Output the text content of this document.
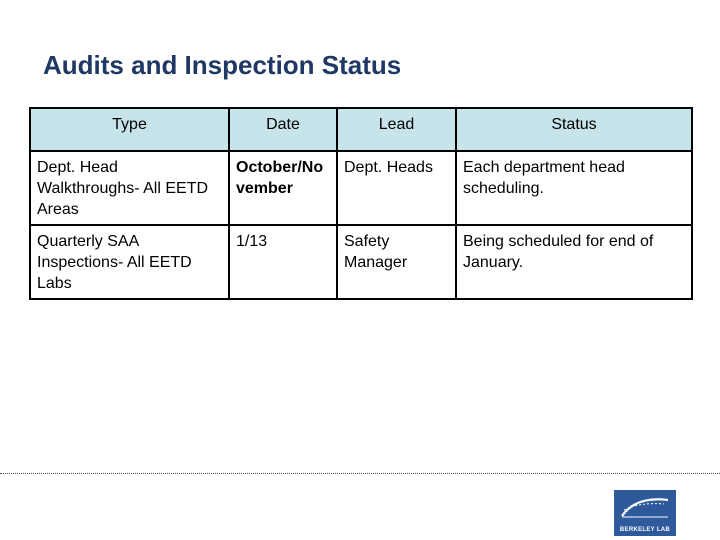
Audits and Inspection Status
Type	Date	Lead	Status
Dept. Head Walkthroughs- All EETD Areas	October/November	Dept. Heads	Each department head scheduling.
Quarterly SAA Inspections- All EETD Labs	1/13	Safety Manager	Being scheduled for end of January.
BERKELEY LAB
